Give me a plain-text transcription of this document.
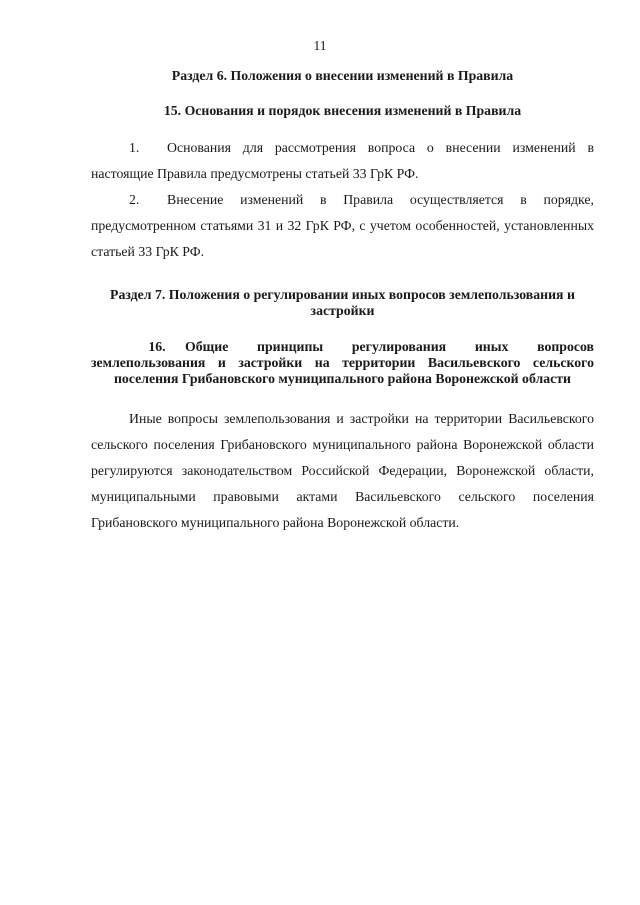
11

Раздел 6. Положения о внесении изменений в Правила

15. Основания и порядок внесения изменений в Правила

1. Основания для рассмотрения вопроса о внесении изменений в настоящие Правила предусмотрены статьей 33 ГрК РФ.

2. Внесение изменений в Правила осуществляется в порядке, предусмотренном статьями 31 и 32 ГрК РФ, с учетом особенностей, установленных статьей 33 ГрК РФ.

Раздел 7. Положения о регулировании иных вопросов землепользования и застройки

16. Общие принципы регулирования иных вопросов землепользования и застройки на территории Васильевского сельского поселения Грибановского муниципального района Воронежской области

Иные вопросы землепользования и застройки на территории Васильевского сельского поселения Грибановского муниципального района Воронежской области регулируются законодательством Российской Федерации, Воронежской области, муниципальными правовыми актами Васильевского сельского поселения Грибановского муниципального района Воронежской области.
